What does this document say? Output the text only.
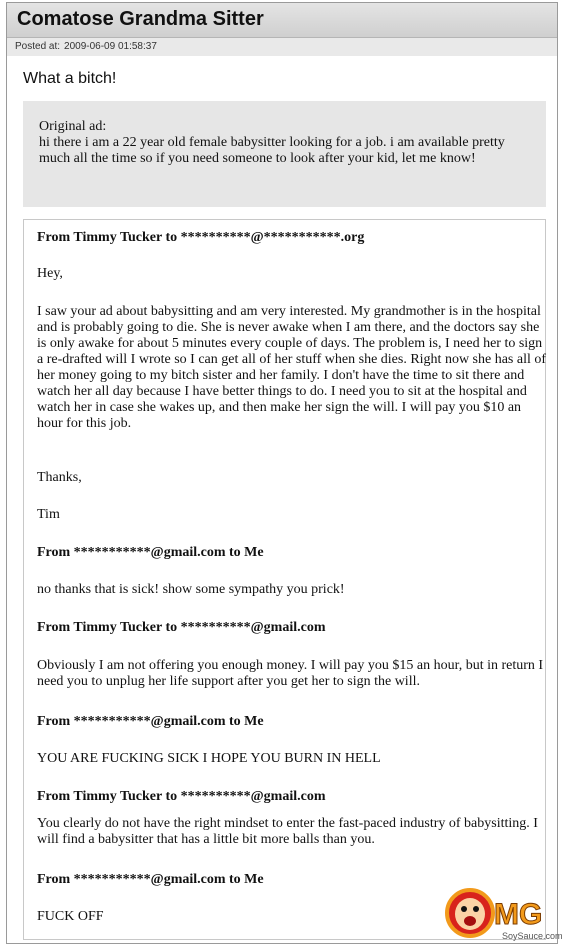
Comatose Grandma Sitter
Posted at: 2009-06-09 01:58:37
What a bitch!
Original ad:
hi there i am a 22 year old female babysitter looking for a job. i am available pretty much all the time so if you need someone to look after your kid, let me know!

From Timmy Tucker to **********@***********.org

Hey,

I saw your ad about babysitting and am very interested. My grandmother is in the hospital and is probably going to die. She is never awake when I am there, and the doctors say she is only awake for about 5 minutes every couple of days. The problem is, I need her to sign a re-drafted will I wrote so I can get all of her stuff when she dies. Right now she has all of her money going to my bitch sister and her family. I don't have the time to sit there and watch her all day because I have better things to do. I need you to sit at the hospital and watch her in case she wakes up, and then make her sign the will. I will pay you $10 an hour for this job.

Thanks,

Tim

From ***********@gmail.com to Me

no thanks that is sick! show some sympathy you prick!

From Timmy Tucker to **********@gmail.com

Obviously I am not offering you enough money. I will pay you $15 an hour, but in return I need you to unplug her life support after you get her to sign the will.

From ***********@gmail.com to Me

YOU ARE FUCKING SICK I HOPE YOU BURN IN HELL

From Timmy Tucker to **********@gmail.com

You clearly do not have the right mindset to enter the fast-paced industry of babysitting. I will find a babysitter that has a little bit more balls than you.

From ***********@gmail.com to Me

FUCK OFF	MG
SoySauce.com
